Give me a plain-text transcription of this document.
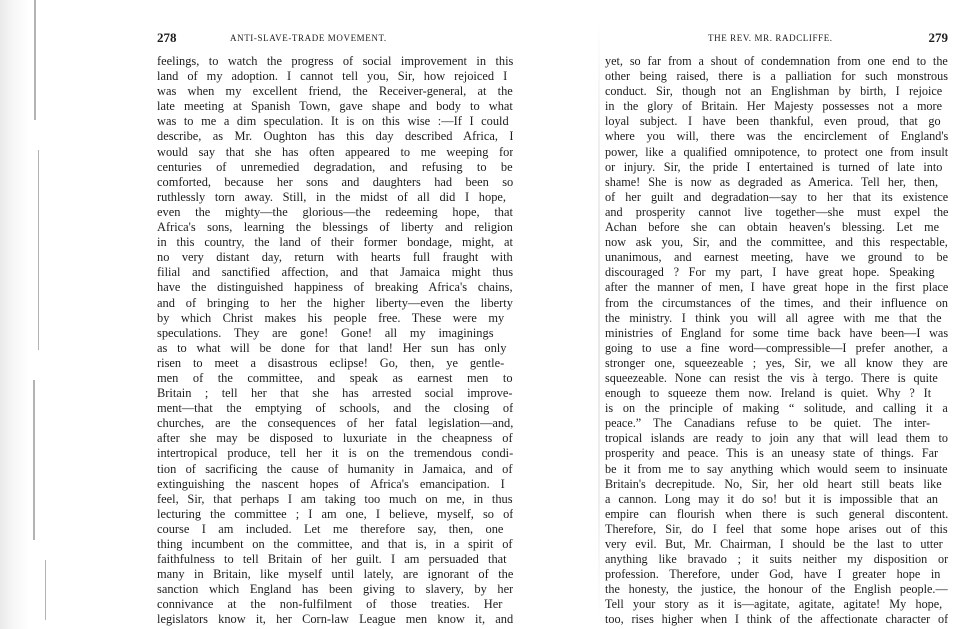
278	ANTI-SLAVE-TRADE MOVEMENT.
feelings, to watch the progress of social improvement in this
land of my adoption. I cannot tell you, Sir, how rejoiced I
was when my excellent friend, the Receiver-general, at the
late meeting at Spanish Town, gave shape and body to what
was to me a dim speculation. It is on this wise :—If I could
describe, as Mr. Oughton has this day described Africa, I
would say that she has often appeared to me weeping for
centuries of unremedied degradation, and refusing to be
comforted, because her sons and daughters had been so
ruthlessly torn away. Still, in the midst of all did I hope,
even the mighty—the glorious—the redeeming hope, that
Africa's sons, learning the blessings of liberty and religion
in this country, the land of their former bondage, might, at
no very distant day, return with hearts full fraught with
filial and sanctified affection, and that Jamaica might thus
have the distinguished happiness of breaking Africa's chains,
and of bringing to her the higher liberty—even the liberty
by which Christ makes his people free. These were my
speculations. They are gone! Gone! all my imaginings
as to what will be done for that land! Her sun has only
risen to meet a disastrous eclipse! Go, then, ye gentle-
men of the committee, and speak as earnest men to
Britain ; tell her that she has arrested social improve-
ment—that the emptying of schools, and the closing of
churches, are the consequences of her fatal legislation—and,
after she may be disposed to luxuriate in the cheapness of
intertropical produce, tell her it is on the tremendous condi-
tion of sacrificing the cause of humanity in Jamaica, and of
extinguishing the nascent hopes of Africa's emancipation. I
feel, Sir, that perhaps I am taking too much on me, in thus
lecturing the committee ; I am one, I believe, myself, so of
course I am included. Let me therefore say, then, one
thing incumbent on the committee, and that is, in a spirit of
faithfulness to tell Britain of her guilt. I am persuaded that
many in Britain, like myself until lately, are ignorant of the
sanction which England has been giving to slavery, by her
connivance at the non-fulfilment of those treaties. Her
legislators know it, her Corn-law League men know it, and
THE REV. MR. RADCLIFFE.	279
yet, so far from a shout of condemnation from one end to the
other being raised, there is a palliation for such monstrous
conduct. Sir, though not an Englishman by birth, I rejoice
in the glory of Britain. Her Majesty possesses not a more
loyal subject. I have been thankful, even proud, that go
where you will, there was the encirclement of England's
power, like a qualified omnipotence, to protect one from insult
or injury. Sir, the pride I entertained is turned of late into
shame! She is now as degraded as America. Tell her, then,
of her guilt and degradation—say to her that its existence
and prosperity cannot live together—she must expel the
Achan before she can obtain heaven's blessing. Let me
now ask you, Sir, and the committee, and this respectable,
unanimous, and earnest meeting, have we ground to be
discouraged ? For my part, I have great hope. Speaking
after the manner of men, I have great hope in the first place
from the circumstances of the times, and their influence on
the ministry. I think you will all agree with me that the
ministries of England for some time back have been—I was
going to use a fine word—compressible—I prefer another, a
stronger one, squeezeable ; yes, Sir, we all know they are
squeezeable. None can resist the vis à tergo. There is quite
enough to squeeze them now. Ireland is quiet. Why ? It
is on the principle of making “ solitude, and calling it a
peace.” The Canadians refuse to be quiet. The inter-
tropical islands are ready to join any that will lead them to
prosperity and peace. This is an uneasy state of things. Far
be it from me to say anything which would seem to insinuate
Britain's decrepitude. No, Sir, her old heart still beats like
a cannon. Long may it do so! but it is impossible that an
empire can flourish when there is such general discontent.
Therefore, Sir, do I feel that some hope arises out of this
very evil. But, Mr. Chairman, I should be the last to utter
anything like bravado ; it suits neither my disposition or
profession. Therefore, under God, have I greater hope in
the honesty, the justice, the honour of the English people.—
Tell your story as it is—agitate, agitate, agitate! My hope,
too, rises higher when I think of the affectionate character of
